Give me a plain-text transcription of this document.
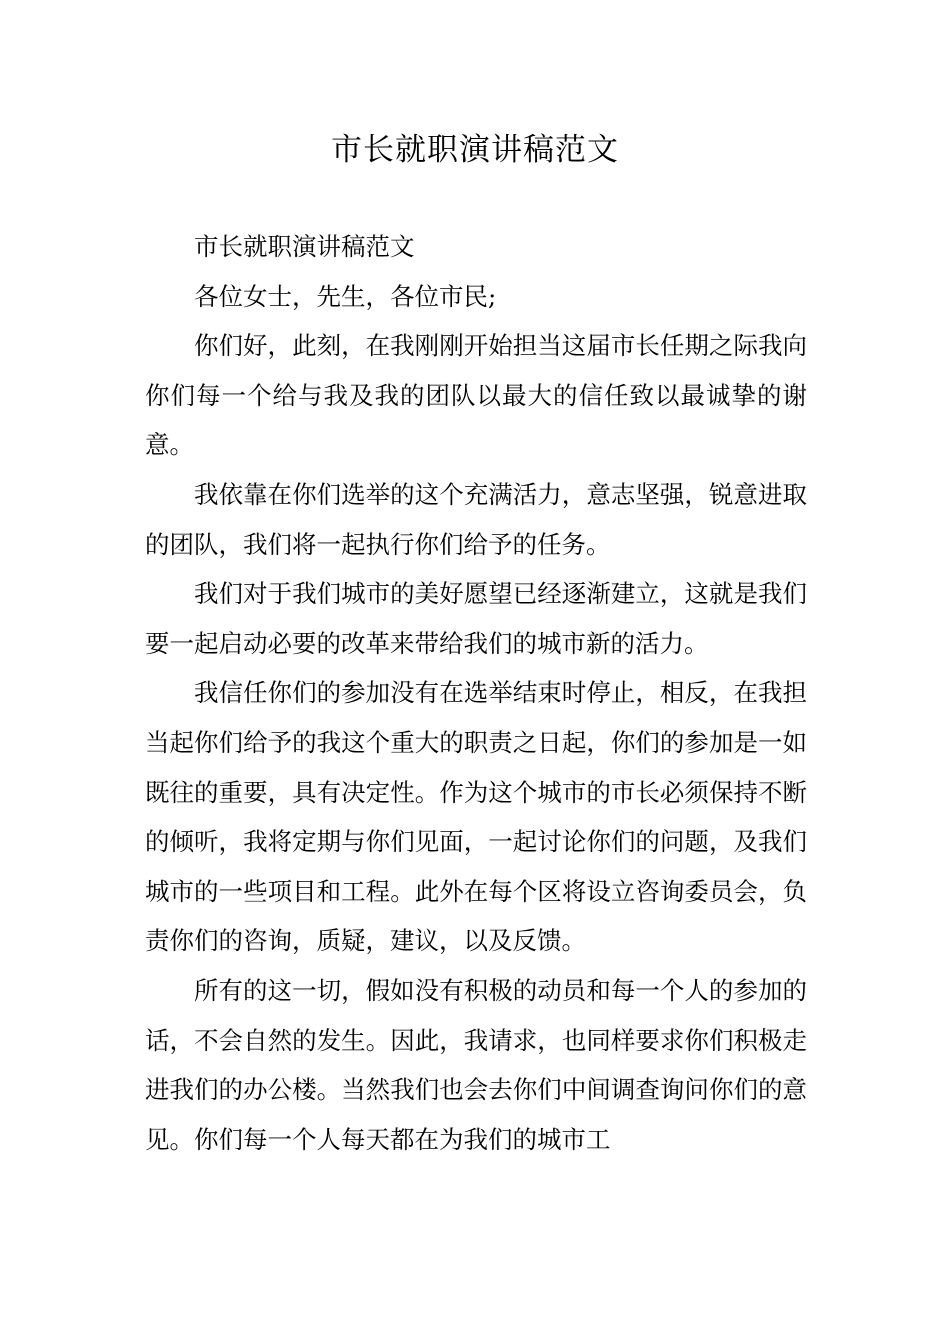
市长就职演讲稿范文

市长就职演讲稿范文

各位女士，先生，各位市民;

你们好，此刻，在我刚刚开始担当这届市长任期之际我向你们每一个给与我及我的团队以最大的信任致以最诚挚的谢意。

我依靠在你们选举的这个充满活力，意志坚强，锐意进取的团队，我们将一起执行你们给予的任务。

我们对于我们城市的美好愿望已经逐渐建立，这就是我们要一起启动必要的改革来带给我们的城市新的活力。

我信任你们的参加没有在选举结束时停止，相反，在我担当起你们给予的我这个重大的职责之日起，你们的参加是一如既往的重要，具有决定性。作为这个城市的市长必须保持不断的倾听，我将定期与你们见面，一起讨论你们的问题，及我们城市的一些项目和工程。此外在每个区将设立咨询委员会，负责你们的咨询，质疑，建议，以及反馈。

所有的这一切，假如没有积极的动员和每一个人的参加的话，不会自然的发生。因此，我请求，也同样要求你们积极走进我们的办公楼。当然我们也会去你们中间调查询问你们的意见。你们每一个人每天都在为我们的城市工
